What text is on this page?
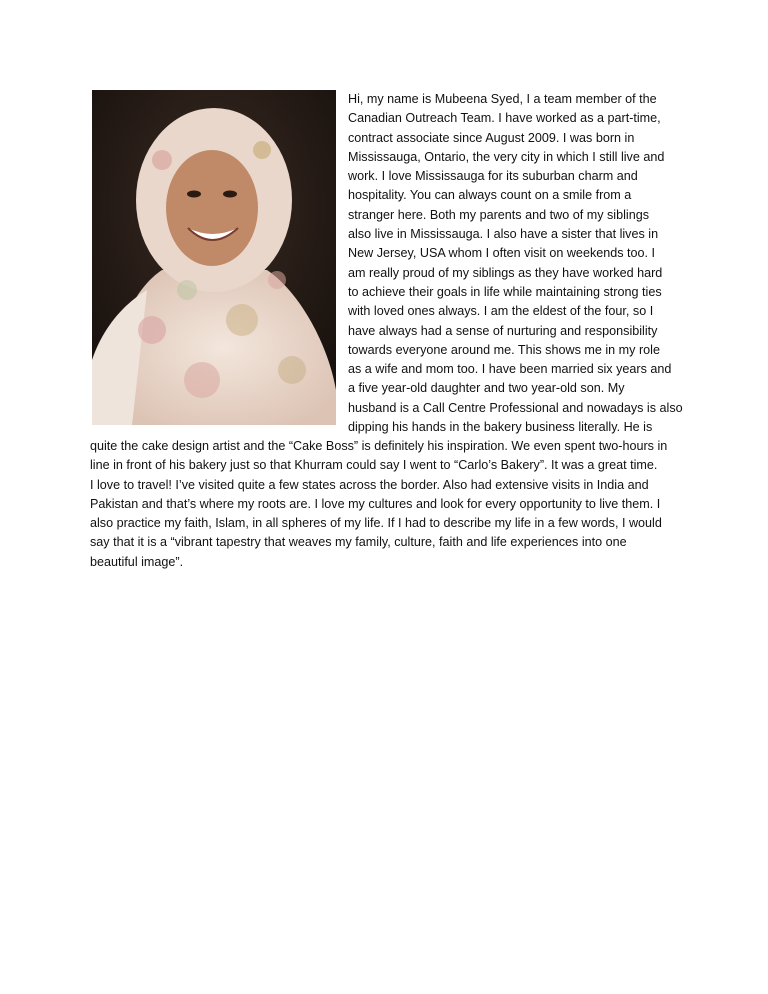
Hi, my name is Mubeena Syed, I a team member of the
Canadian Outreach Team. I have worked as a part-time,
contract associate since August 2009. I was born in
Mississauga, Ontario, the very city in which I still live and
work. I love Mississauga for its suburban charm and
hospitality. You can always count on a smile from a
stranger here. Both my parents and two of my siblings
also live in Mississauga. I also have a sister that lives in
New Jersey, USA whom I often visit on weekends too. I
am really proud of my siblings as they have worked hard
to achieve their goals in life while maintaining strong ties
with loved ones always. I am the eldest of the four, so I
have always had a sense of nurturing and responsibility
towards everyone around me. This shows me in my role
as a wife and mom too. I have been married six years and
a five year-old daughter and two year-old son. My
husband is a Call Centre Professional and nowadays is also
dipping his hands in the bakery business literally. He is
quite the cake design artist and the “Cake Boss” is definitely his inspiration. We even spent two-hours in
line in front of his bakery just so that Khurram could say I went to “Carlo’s Bakery”. It was a great time.
I love to travel! I’ve visited quite a few states across the border. Also had extensive visits in India and
Pakistan and that’s where my roots are. I love my cultures and look for every opportunity to live them. I
also practice my faith, Islam, in all spheres of my life. If I had to describe my life in a few words, I would
say that it is a “vibrant tapestry that weaves my family, culture, faith and life experiences into one
beautiful image”.
